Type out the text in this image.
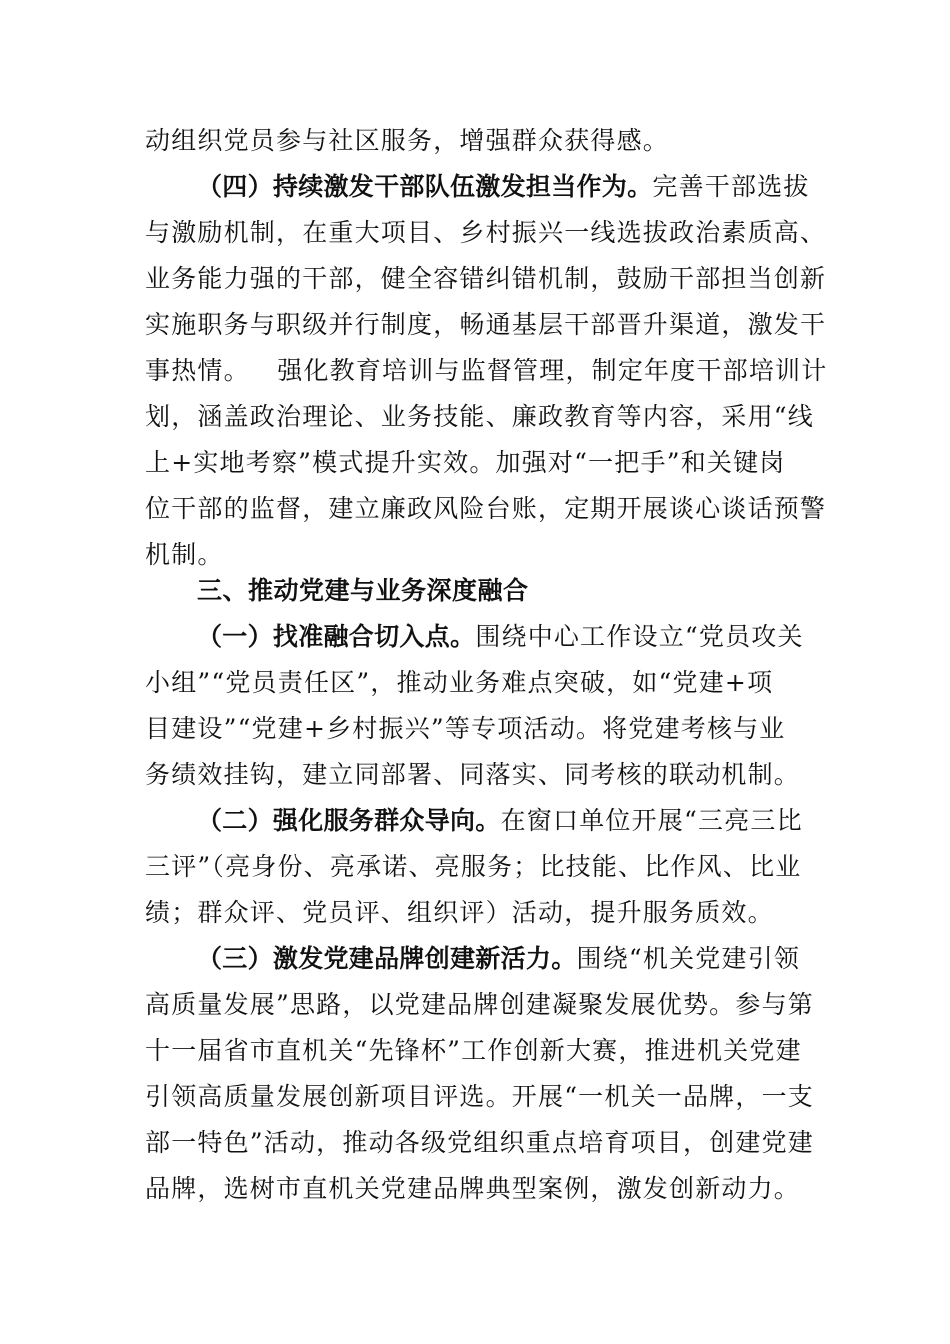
动组织党员参与社区服务，增强群众获得感。
（四）持续激发干部队伍激发担当作为。完善干部选拔
与激励机制，在重大项目、乡村振兴一线选拔政治素质高、
业务能力强的干部，健全容错纠错机制，鼓励干部担当创新
实施职务与职级并行制度，畅通基层干部晋升渠道，激发干
事热情。   强化教育培训与监督管理，制定年度干部培训计
划，涵盖政治理论、业务技能、廉政教育等内容，采用“线
上+实地考察”模式提升实效。加强对“一把手”和关键岗
位干部的监督，建立廉政风险台账，定期开展谈心谈话预警
机制。
三、推动党建与业务深度融合
（一）找准融合切入点。围绕中心工作设立“党员攻关
小组”“党员责任区”，推动业务难点突破，如“党建+项
目建设”“党建+乡村振兴”等专项活动。将党建考核与业
务绩效挂钩，建立同部署、同落实、同考核的联动机制。
（二）强化服务群众导向。在窗口单位开展“三亮三比
三评”（亮身份、亮承诺、亮服务；比技能、比作风、比业
绩；群众评、党员评、组织评）活动，提升服务质效。
（三）激发党建品牌创建新活力。围绕“机关党建引领
高质量发展”思路，以党建品牌创建凝聚发展优势。参与第
十一届省市直机关“先锋杯”工作创新大赛，推进机关党建
引领高质量发展创新项目评选。开展“一机关一品牌，一支
部一特色”活动，推动各级党组织重点培育项目，创建党建
品牌，选树市直机关党建品牌典型案例，激发创新动力。
